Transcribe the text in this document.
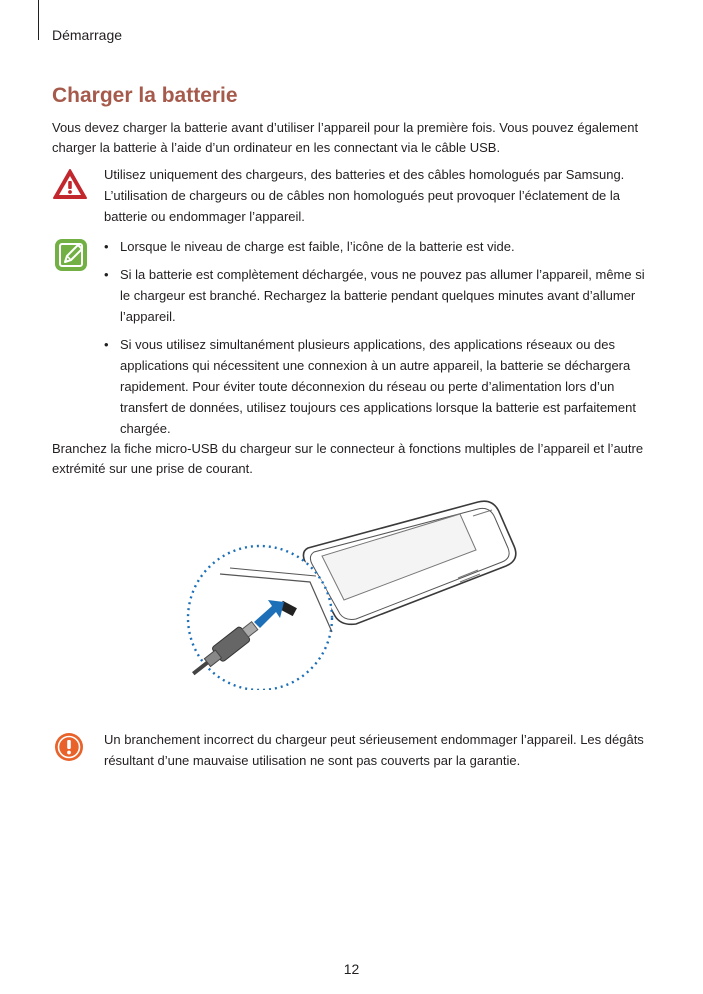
Démarrage
Charger la batterie
Vous devez charger la batterie avant d’utiliser l’appareil pour la première fois. Vous pouvez également charger la batterie à l’aide d’un ordinateur en les connectant via le câble USB.
Utilisez uniquement des chargeurs, des batteries et des câbles homologués par Samsung. L’utilisation de chargeurs ou de câbles non homologués peut provoquer l’éclatement de la batterie ou endommager l’appareil.
• Lorsque le niveau de charge est faible, l’icône de la batterie est vide.
• Si la batterie est complètement déchargée, vous ne pouvez pas allumer l’appareil, même si le chargeur est branché. Rechargez la batterie pendant quelques minutes avant d’allumer l’appareil.
• Si vous utilisez simultanément plusieurs applications, des applications réseaux ou des applications qui nécessitent une connexion à un autre appareil, la batterie se déchargera rapidement. Pour éviter toute déconnexion du réseau ou perte d’alimentation lors d’un transfert de données, utilisez toujours ces applications lorsque la batterie est parfaitement chargée.
Branchez la fiche micro-USB du chargeur sur le connecteur à fonctions multiples de l’appareil et l’autre extrémité sur une prise de courant.
Un branchement incorrect du chargeur peut sérieusement endommager l’appareil. Les dégâts résultant d’une mauvaise utilisation ne sont pas couverts par la garantie.
12
